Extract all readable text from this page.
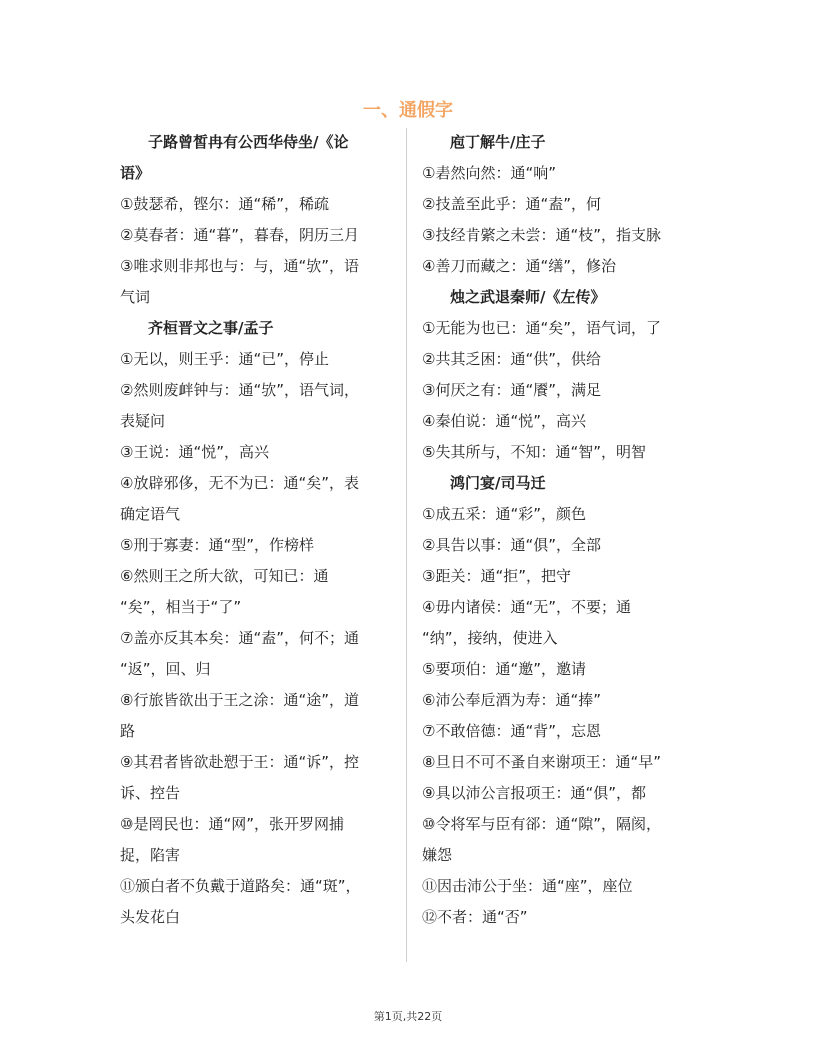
一、通假字
子路曾皙冉有公西华侍坐/《论
语》
①鼓瑟希，铿尔：通“稀”，稀疏
②莫春者：通“暮”，暮春，阴历三月
③唯求则非邦也与：与，通“欤”，语
气词
齐桓晋文之事/孟子
①无以，则王乎：通“已”，停止
②然则废衅钟与：通“欤”，语气词，
表疑问
③王说：通“悦”，高兴
④放辟邪侈，无不为已：通“矣”，表
确定语气
⑤刑于寡妻：通“型”，作榜样
⑥然则王之所大欲，可知已：通
“矣”，相当于“了”
⑦盖亦反其本矣：通“盍”，何不；通
“返”，回、归
⑧行旅皆欲出于王之涂：通“途”，道
路
⑨其君者皆欲赴愬于王：通“诉”，控
诉、控告
⑩是罔民也：通“网”，张开罗网捕
捉，陷害
⑪颁白者不负戴于道路矣：通“斑”，
头发花白
庖丁解牛/庄子
①砉然向然：通“响”
②技盖至此乎：通“盍”，何
③技经肯綮之未尝：通“枝”，指支脉
④善刀而藏之：通“缮”，修治
烛之武退秦师/《左传》
①无能为也已：通“矣”，语气词，了
②共其乏困：通“供”，供给
③何厌之有：通“餍”，满足
④秦伯说：通“悦”，高兴
⑤失其所与，不知：通“智”，明智
鸿门宴/司马迁
①成五采：通“彩”，颜色
②具告以事：通“俱”，全部
③距关：通“拒”，把守
④毋内诸侯：通“无”，不要；通
“纳”，接纳，使进入
⑤要项伯：通“邀”，邀请
⑥沛公奉卮酒为寿：通“捧”
⑦不敢倍德：通“背”，忘恩
⑧旦日不可不蚤自来谢项王：通“早”
⑨具以沛公言报项王：通“俱”，都
⑩令将军与臣有郤：通“隙”，隔阂，
嫌怨
⑪因击沛公于坐：通“座”，座位
⑫不者：通“否”
第1页,共22页
